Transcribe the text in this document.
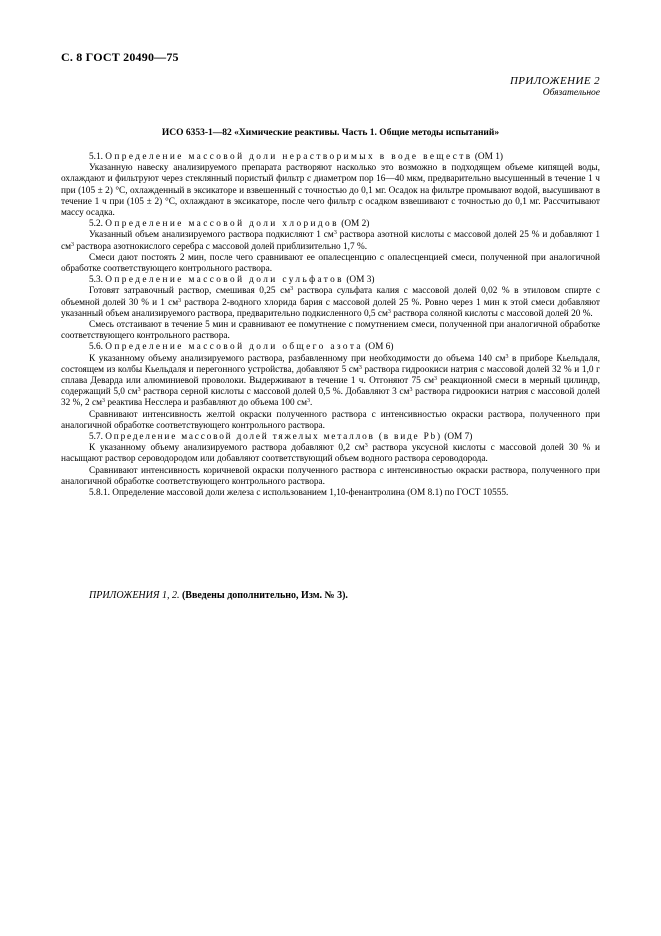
С. 8 ГОСТ 20490—75
ПРИЛОЖЕНИЕ 2
Обязательное
ИСО 6353-1—82 «Химические реактивы. Часть 1. Общие методы испытаний»

5.1. Определение массовой доли нерастворимых в воде веществ (ОМ 1)

Указанную навеску анализируемого препарата растворяют насколько это возможно в подходящем объеме кипящей воды, охлаждают и фильтруют через стеклянный пористый фильтр с диаметром пор 16—40 мкм, предварительно высушенный в течение 1 ч при (105 ± 2) °С, охлажденный в эксикаторе и взвешенный с точностью до 0,1 мг. Осадок на фильтре промывают водой, высушивают в течение 1 ч при (105 ± 2) °С, охлаждают в эксикаторе, после чего фильтр с осадком взвешивают с точностью до 0,1 мг. Рассчитывают массу осадка.

5.2. Определение массовой доли хлоридов (ОМ 2)

Указанный объем анализируемого раствора подкисляют 1 $см^3$ раствора азотной кислоты с массовой долей 25 % и добавляют 1 $см^3$ раствора азотнокислого серебра с массовой долей приблизительно 1,7 %.

Смеси дают постоять 2 мин, после чего сравнивают ее опалесценцию с опалесценцией смеси, полученной при аналогичной обработке соответствующего контрольного раствора.

5.3. Определение массовой доли сульфатов (ОМ 3)

Готовят затравочный раствор, смешивая 0,25 $см^3$ раствора сульфата калия с массовой долей 0,02 % в этиловом спирте с объемной долей 30 % и 1 $см^3$ раствора 2-водного хлорида бария с массовой долей 25 %. Ровно через 1 мин к этой смеси добавляют указанный объем анализируемого раствора, предварительно подкисленного 0,5 $см^3$ раствора соляной кислоты с массовой долей 20 %.

Смесь отстаивают в течение 5 мин и сравнивают ее помутнение с помутнением смеси, полученной при аналогичной обработке соответствующего контрольного раствора.

5.6. Определение массовой доли общего азота (ОМ 6)

К указанному объему анализируемого раствора, разбавленному при необходимости до объема 140 $см^3$ в приборе Кьельдаля, состоящем из колбы Кьельдаля и перегонного устройства, добавляют 5 $см^3$ раствора гидроокиси натрия с массовой долей 32 % и 1,0 г сплава Деварда или алюминиевой проволоки. Выдерживают в течение 1 ч. Отгоняют 75 $см^3$ реакционной смеси в мерный цилиндр, содержащий 5,0 $см^3$ раствора серной кислоты с массовой долей 0,5 %. Добавляют 3 $см^3$ раствора гидроокиси натрия с массовой долей 32 %, 2 $см^3$ реактива Несслера и разбавляют до объема 100 $см^3$.

Сравнивают интенсивность желтой окраски полученного раствора с интенсивностью окраски раствора, полученного при аналогичной обработке соответствующего контрольного раствора.

5.7. Определение массовой долей тяжелых металлов (в виде Pb) (ОМ 7)

К указанному объему анализируемого раствора добавляют 0,2 $см^3$ раствора уксусной кислоты с массовой долей 30 % и насыщают раствор сероводородом или добавляют соответствующий объем водного раствора сероводорода.

Сравнивают интенсивность коричневой окраски полученного раствора с интенсивностью окраски раствора, полученного при аналогичной обработке соответствующего контрольного раствора.

5.8.1. Определение массовой доли железа с использованием 1,10-фенантролина (ОМ 8.1) по ГОСТ 10555.

ПРИЛОЖЕНИЯ 1, 2. (Введены дополнительно, Изм. № 3).
